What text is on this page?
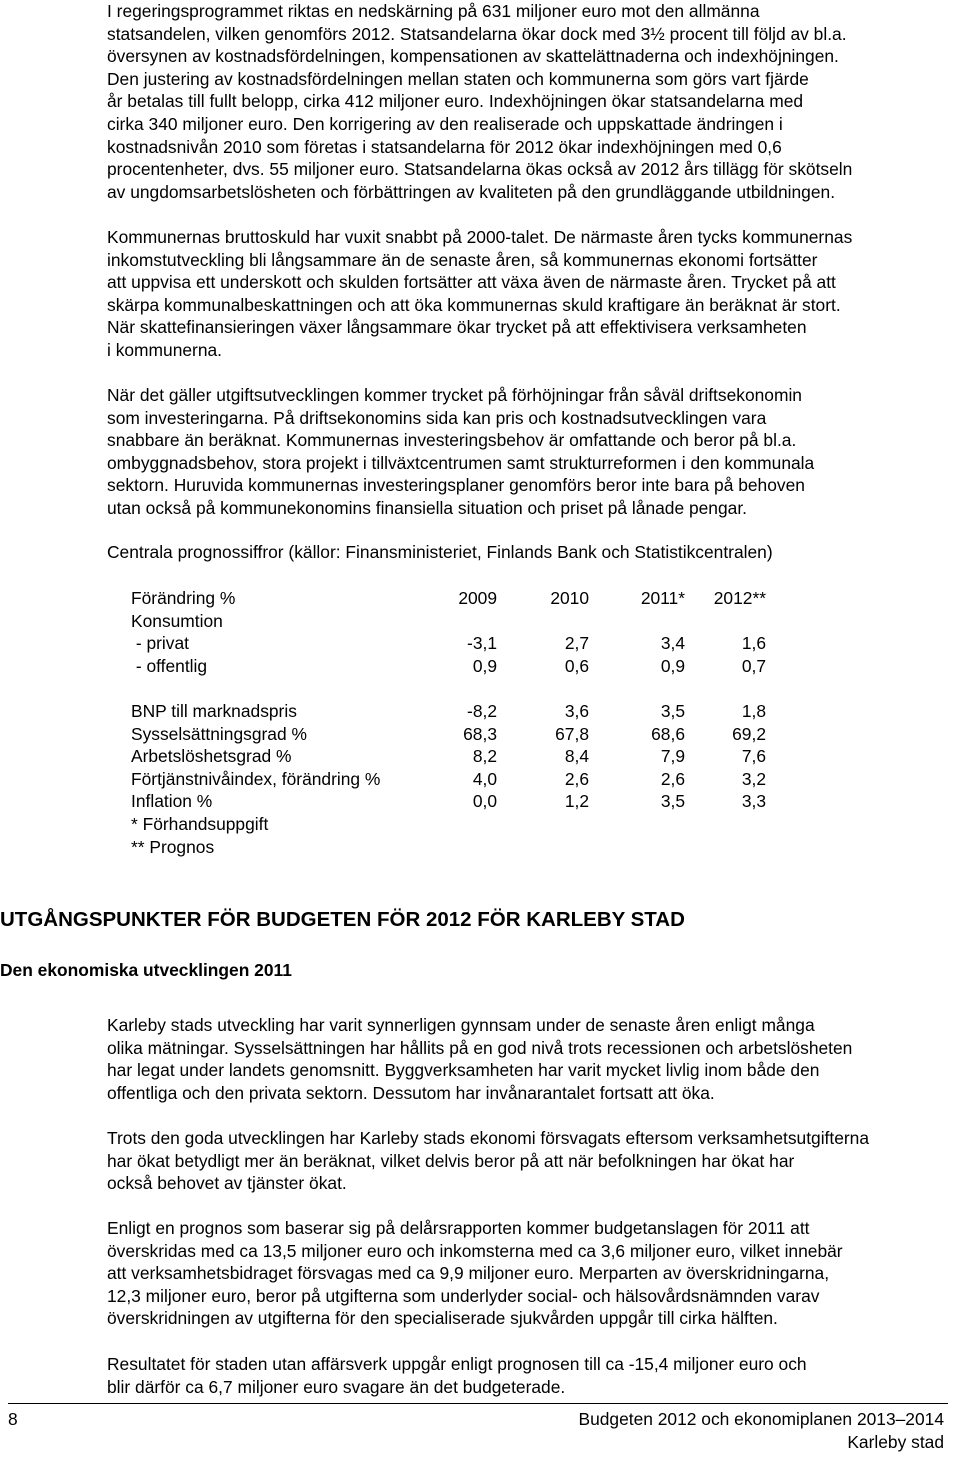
I regeringsprogrammet riktas en nedskärning på 631 miljoner euro mot den allmänna
statsandelen, vilken genomförs 2012. Statsandelarna ökar dock med 3½ procent till följd av bl.a.
översynen av kostnadsfördelningen, kompensationen av skattelättnaderna och indexhöjningen.
Den justering av kostnadsfördelningen mellan staten och kommunerna som görs vart fjärde
år betalas till fullt belopp, cirka 412 miljoner euro. Indexhöjningen ökar statsandelarna med
cirka 340 miljoner euro. Den korrigering av den realiserade och uppskattade ändringen i
kostnadsnivån 2010 som företas i statsandelarna för 2012 ökar indexhöjningen med 0,6
procentenheter, dvs. 55 miljoner euro. Statsandelarna ökas också av 2012 års tillägg för skötseln
av ungdomsarbetslösheten och förbättringen av kvaliteten på den grundläggande utbildningen.
Kommunernas bruttoskuld har vuxit snabbt på 2000-talet. De närmaste åren tycks kommunernas
inkomstutveckling bli långsammare än de senaste åren, så kommunernas ekonomi fortsätter
att uppvisa ett underskott och skulden fortsätter att växa även de närmaste åren. Trycket på att
skärpa kommunalbeskattningen och att öka kommunernas skuld kraftigare än beräknat är stort.
När skattefinansieringen växer långsammare ökar trycket på att effektivisera verksamheten
i kommunerna.
När det gäller utgiftsutvecklingen kommer trycket på förhöjningar från såväl driftsekonomin
som investeringarna. På driftsekonomins sida kan pris och kostnadsutvecklingen vara
snabbare än beräknat. Kommunernas investeringsbehov är omfattande och beror på bl.a.
ombyggnadsbehov, stora projekt i tillväxtcentrumen samt strukturreformen i den kommunala
sektorn. Huruvida kommunernas investeringsplaner genomförs beror inte bara på behoven
utan också på kommunekonomins finansiella situation och priset på lånade pengar.

Centrala prognossiffror (källor: Finansministeriet, Finlands Bank och Statistikcentralen)

Förändring %	2009	2010	2011*	2012**
Konsumtion
- privat	-3,1	2,7	3,4	1,6
- offentlig	0,9	0,6	0,9	0,7
BNP till marknadspris	-8,2	3,6	3,5	1,8
Sysselsättningsgrad %	68,3	67,8	68,6	69,2
Arbetslöshetsgrad %	8,2	8,4	7,9	7,6
Förtjänstnivåindex, förändring %	4,0	2,6	2,6	3,2
Inflation %	0,0	1,2	3,5	3,3
* Förhandsuppgift
** Prognos
UTGÅNGSPUNKTER FÖR BUDGETEN FÖR 2012 FÖR KARLEBY STAD
Den ekonomiska utvecklingen 2011
Karleby stads utveckling har varit synnerligen gynnsam under de senaste åren enligt många
olika mätningar. Sysselsättningen har hållits på en god nivå trots recessionen och arbetslösheten
har legat under landets genomsnitt. Byggverksamheten har varit mycket livlig inom både den
offentliga och den privata sektorn. Dessutom har invånarantalet fortsatt att öka.
Trots den goda utvecklingen har Karleby stads ekonomi försvagats eftersom verksamhetsutgifterna
har ökat betydligt mer än beräknat, vilket delvis beror på att när befolkningen har ökat har
också behovet av tjänster ökat.
Enligt en prognos som baserar sig på delårsrapporten kommer budgetanslagen för 2011 att
överskridas med ca 13,5 miljoner euro och inkomsterna med ca 3,6 miljoner euro, vilket innebär
att verksamhetsbidraget försvagas med ca 9,9 miljoner euro. Merparten av överskridningarna,
12,3 miljoner euro, beror på utgifterna som underlyder social- och hälsovårdsnämnden varav
överskridningen av utgifterna för den specialiserade sjukvården uppgår till cirka hälften.
Resultatet för staden utan affärsverk uppgår enligt prognosen till ca -15,4 miljoner euro och
blir därför ca 6,7 miljoner euro svagare än det budgeterade.
8	Budgeten 2012 och ekonomiplanen 2013–2014
Karleby stad
